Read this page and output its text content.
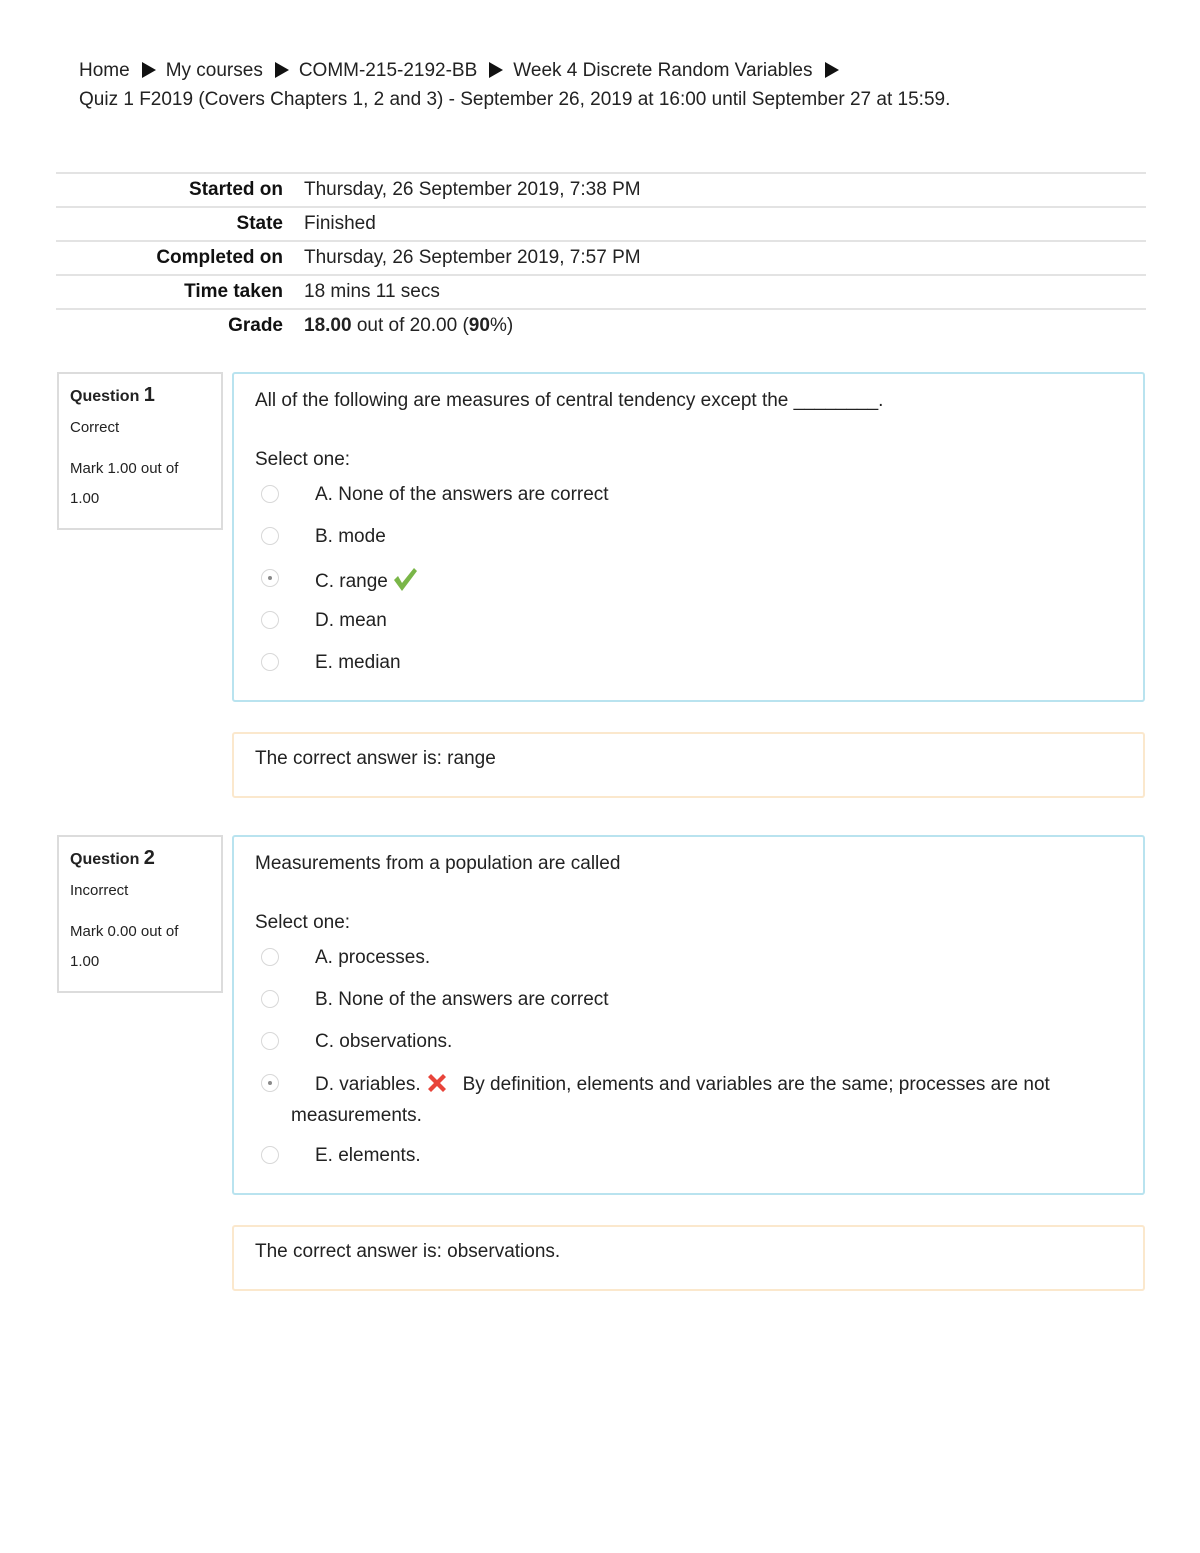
Home My courses COMM-215-2192-BB Week 4 Discrete Random Variables
Quiz 1 F2019 (Covers Chapters 1, 2 and 3) - September 26, 2019 at 16:00 until September 27 at 15:59.
Started on	Thursday, 26 September 2019, 7:38 PM
State	Finished
Completed on	Thursday, 26 September 2019, 7:57 PM
Time taken	18 mins 11 secs
Grade	18.00 out of 20.00 (90%)
Question 1
Correct
Mark 1.00 out of 1.00
All of the following are measures of central tendency except the ________.
Select one:
A. None of the answers are correct
B. mode
C. range
D. mean
E. median
The correct answer is: range
Question 2
Incorrect
Mark 0.00 out of 1.00
Measurements from a population are called
Select one:
A. processes.
B. None of the answers are correct
C. observations.
D. variables. By definition, elements and variables are the same; processes are not measurements.
E. elements.
The correct answer is: observations.
